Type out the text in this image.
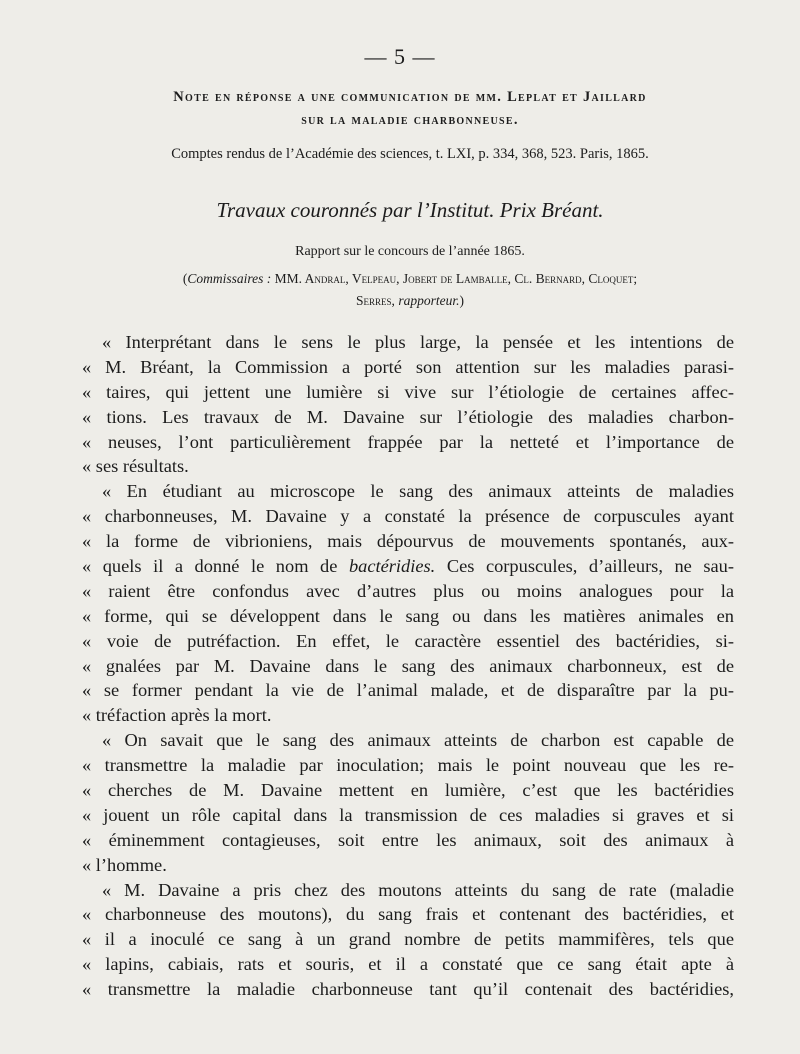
— 5 —
Note en réponse a une communication de mm. Leplat et Jaillard
sur la maladie charbonneuse.
Comptes rendus de l’Académie des sciences, t. LXI, p. 334, 368, 523. Paris, 1865.
Travaux couronnés par l’Institut. Prix Bréant.
Rapport sur le concours de l’année 1865.
(Commissaires : MM. Andral, Velpeau, Jobert de Lamballe, Cl. Bernard, Cloquet;
Serres, rapporteur.)
« Interprétant dans le sens le plus large, la pensée et les intentions de
« M. Bréant, la Commission a porté son attention sur les maladies parasi-
« taires, qui jettent une lumière si vive sur l’étiologie de certaines affec-
« tions. Les travaux de M. Davaine sur l’étiologie des maladies charbon-
« neuses, l’ont particulièrement frappée par la netteté et l’importance de
« ses résultats.
« En étudiant au microscope le sang des animaux atteints de maladies
« charbonneuses, M. Davaine y a constaté la présence de corpuscules ayant
« la forme de vibrioniens, mais dépourvus de mouvements spontanés, aux-
« quels il a donné le nom de bactéridies. Ces corpuscules, d’ailleurs, ne sau-
« raient être confondus avec d’autres plus ou moins analogues pour la
« forme, qui se développent dans le sang ou dans les matières animales en
« voie de putréfaction. En effet, le caractère essentiel des bactéridies, si-
« gnalées par M. Davaine dans le sang des animaux charbonneux, est de
« se former pendant la vie de l’animal malade, et de disparaître par la pu-
« tréfaction après la mort.
« On savait que le sang des animaux atteints de charbon est capable de
« transmettre la maladie par inoculation; mais le point nouveau que les re-
« cherches de M. Davaine mettent en lumière, c’est que les bactéridies
« jouent un rôle capital dans la transmission de ces maladies si graves et si
« éminemment contagieuses, soit entre les animaux, soit des animaux à
« l’homme.
« M. Davaine a pris chez des moutons atteints du sang de rate (maladie
« charbonneuse des moutons), du sang frais et contenant des bactéridies, et
« il a inoculé ce sang à un grand nombre de petits mammifères, tels que
« lapins, cabiais, rats et souris, et il a constaté que ce sang était apte à
« transmettre la maladie charbonneuse tant qu’il contenait des bactéridies,
